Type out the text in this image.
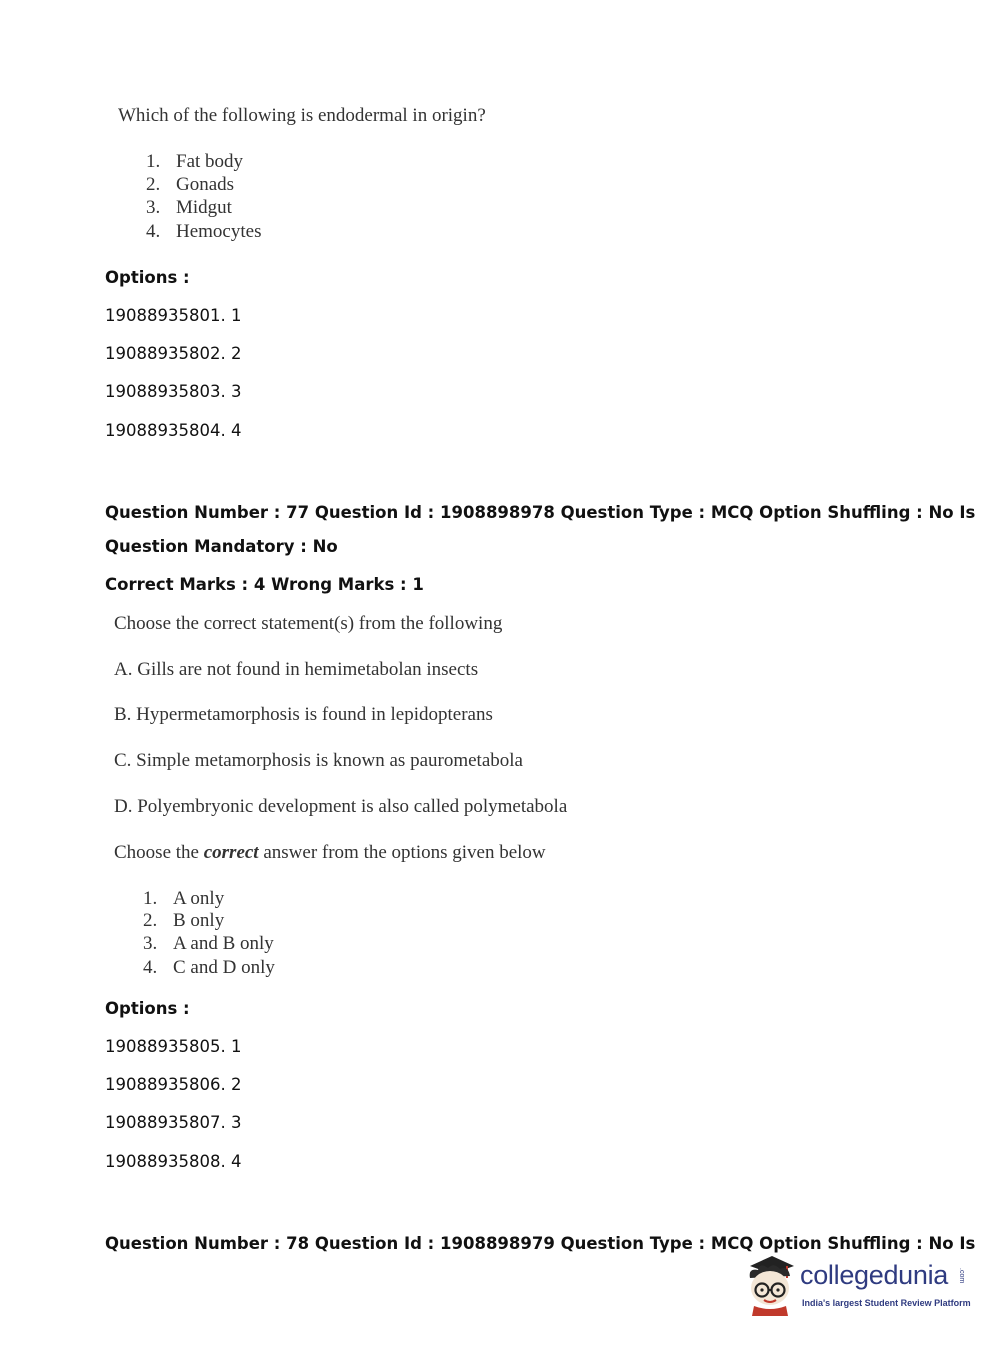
Which of the following is endodermal in origin?
1. Fat body
2. Gonads
3. Midgut
4. Hemocytes
Options :
19088935801. 1
19088935802. 2
19088935803. 3
19088935804. 4
Question Number : 77 Question Id : 1908898978 Question Type : MCQ Option Shuffling : No Is
Question Mandatory : No
Correct Marks : 4 Wrong Marks : 1
Choose the correct statement(s) from the following
A. Gills are not found in hemimetabolan insects
B. Hypermetamorphosis is found in lepidopterans
C. Simple metamorphosis is known as paurometabola
D. Polyembryonic development is also called polymetabola
Choose the correct answer from the options given below
1. A only
2. B only
3. A and B only
4. C and D only
Options :
19088935805. 1
19088935806. 2
19088935807. 3
19088935808. 4
Question Number : 78 Question Id : 1908898979 Question Type : MCQ Option Shuffling : No Is
collegedunia .com
India's largest Student Review Platform
